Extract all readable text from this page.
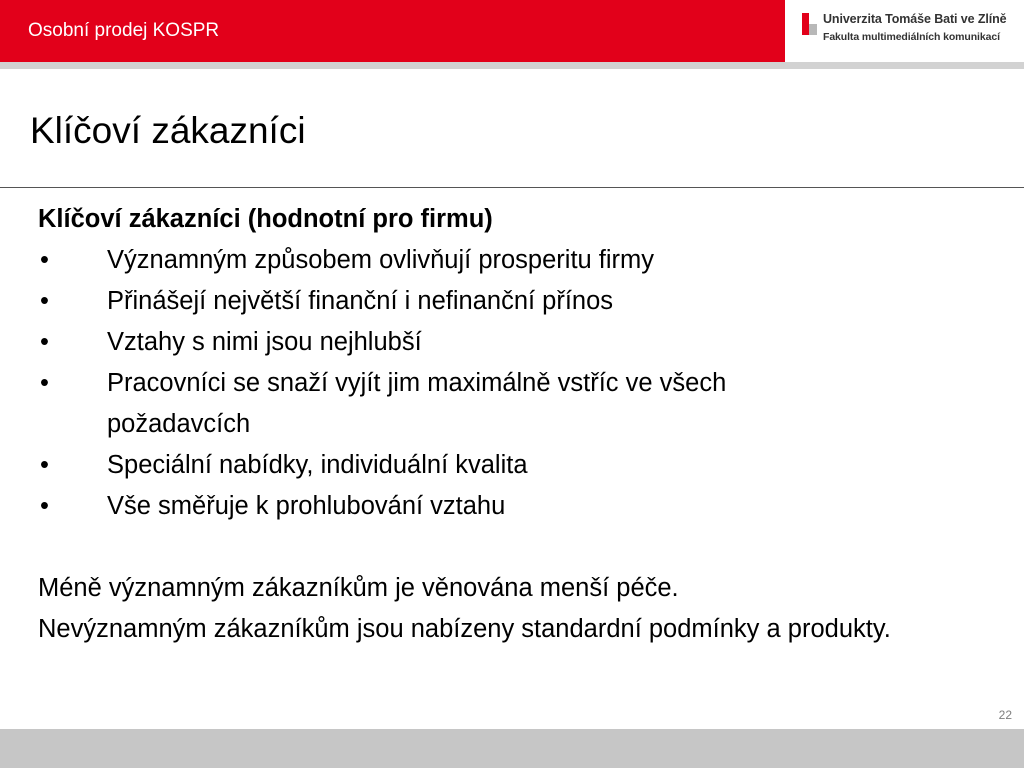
Osobní prodej KOSPR
Univerzita Tomáše Bati ve Zlíně
Fakulta multimediálních komunikací
Klíčoví zákazníci
Klíčoví zákazníci (hodnotní pro firmu)
• Významným způsobem ovlivňují prosperitu firmy
• Přinášejí největší finanční i nefinanční přínos
• Vztahy s nimi jsou nejhlubší
• Pracovníci se snaží vyjít jim maximálně vstříc ve všech požadavcích
• Speciální nabídky, individuální kvalita
• Vše směřuje k prohlubování vztahu
Méně významným zákazníkům je věnována menší péče.
Nevýznamným zákazníkům jsou nabízeny standardní podmínky a produkty.
22
